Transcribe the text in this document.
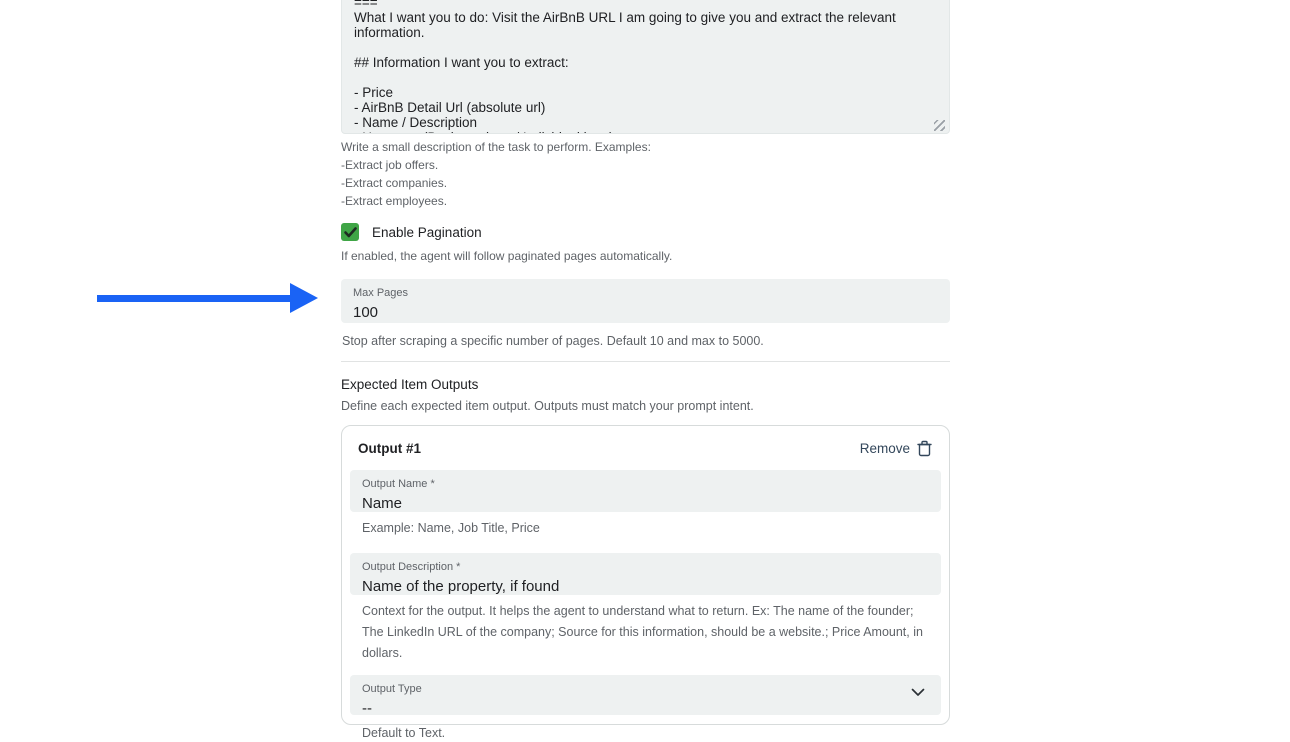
=== What I want you to do: Visit the AirBnB URL I am going to give you and extract the relevant information. ## Information I want you to extract: - Price - AirBnB Detail Url (absolute url) - Name / Description - Host type (Business host / Individual host)
Write a small description of the task to perform. Examples:
-Extract job offers.
-Extract companies.
-Extract employees.
Enable Pagination
If enabled, the agent will follow paginated pages automatically.
Max Pages
100
Stop after scraping a specific number of pages. Default 10 and max to 5000.
Expected Item Outputs
Define each expected item output. Outputs must match your prompt intent.
Output #1	Remove
Output Name *
Name
Example: Name, Job Title, Price
Output Description *
Name of the property, if found
Context for the output. It helps the agent to understand what to return. Ex: The name of the founder; The LinkedIn URL of the company; Source for this information, should be a website.; Price Amount, in dollars.
Output Type
--
Default to Text.
